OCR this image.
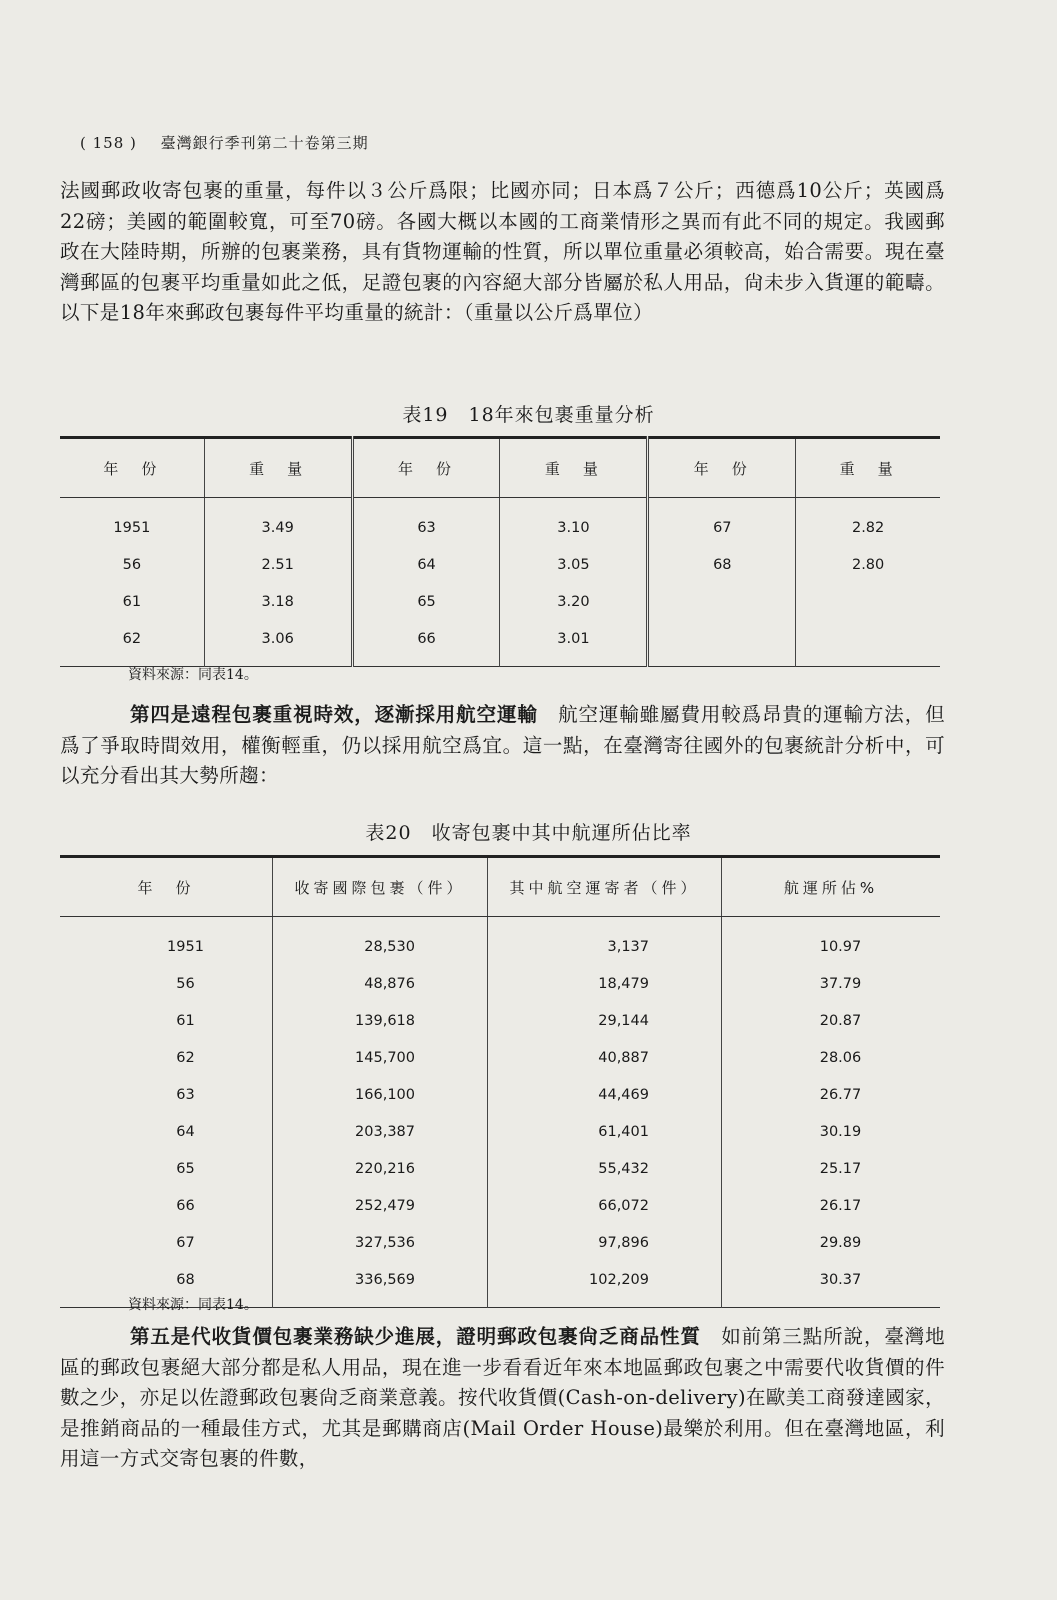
( 158 ) 臺灣銀行季刊第二十卷第三期

法國郵政收寄包裹的重量，每件以３公斤爲限；比國亦同；日本爲７公斤；西德爲10公斤；英國爲22磅；美國的範圍較寬，可至70磅。各國大概以本國的工商業情形之異而有此不同的規定。我國郵政在大陸時期，所辦的包裹業務，具有貨物運輸的性質，所以單位重量必須較高，始合需要。現在臺灣郵區的包裹平均重量如此之低，足證包裹的內容絕大部分皆屬於私人用品，尙未步入貨運的範疇。以下是18年來郵政包裹每件平均重量的統計：（重量以公斤爲單位）

表19　18年來包裹重量分析
年　份	重　量	年　份	重　量	年　份	重　量
1951	3.49	63	3.10	67	2.82
56	2.51	64	3.05	68	2.80
61	3.18	65	3.20		
62	3.06	66	3.01		
資料來源：同表14。

第四是遠程包裹重視時效，逐漸採用航空運輸　航空運輸雖屬費用較爲昂貴的運輸方法，但爲了爭取時間效用，權衡輕重，仍以採用航空爲宜。這一點，在臺灣寄往國外的包裹統計分析中，可以充分看出其大勢所趨：

表20　收寄包裹中其中航運所佔比率
年　份	收寄國際包裹（件）	其中航空運寄者（件）	航運所佔%
1951	28,530	3,137	10.97
56	48,876	18,479	37.79
61	139,618	29,144	20.87
62	145,700	40,887	28.06
63	166,100	44,469	26.77
64	203,387	61,401	30.19
65	220,216	55,432	25.17
66	252,479	66,072	26.17
67	327,536	97,896	29.89
68	336,569	102,209	30.37
資料來源：同表14。

第五是代收貨價包裹業務缺少進展，證明郵政包裹尙乏商品性質　如前第三點所說，臺灣地區的郵政包裹絕大部分都是私人用品，現在進一步看看近年來本地區郵政包裹之中需要代收貨價的件數之少，亦足以佐證郵政包裹尙乏商業意義。按代收貨價(Cash-on-delivery)在歐美工商發達國家，是推銷商品的一種最佳方式，尤其是郵購商店(Mail Order House)最樂於利用。但在臺灣地區，利用這一方式交寄包裹的件數，
